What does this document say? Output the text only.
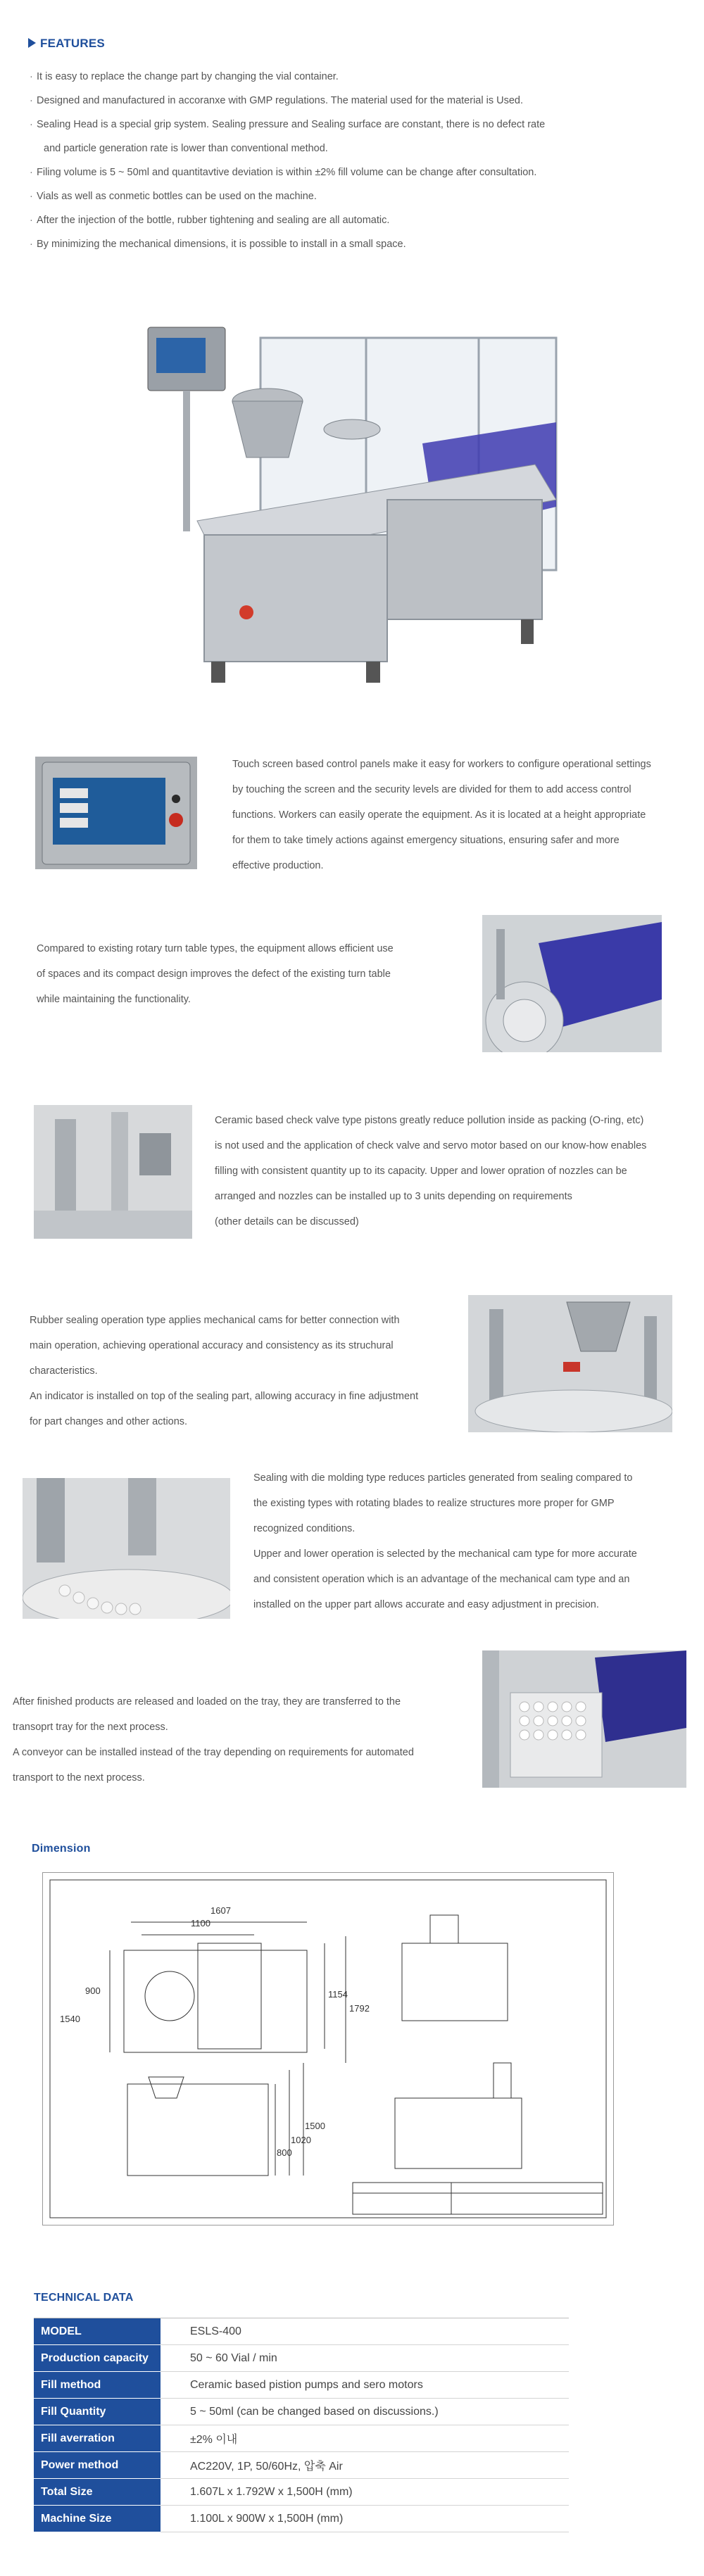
FEATURES
· It is easy to replace the change part by changing the vial container.
· Designed and manufactured in accoranxe with GMP regulations. The material used for the material is Used.
· Sealing Head is a special grip system. Sealing pressure and Sealing surface are constant, there is no defect rate
and particle generation rate is lower than conventional method.
· Filing volume is 5 ~ 50ml and quantitavtive deviation is within ±2% fill volume can be change after consultation.
· Vials as well as conmetic bottles can be used on the machine.
· After the injection of the bottle, rubber tightening and sealing are all automatic.
· By minimizing the mechanical dimensions, it is possible to install in a small space.
Touch screen based control panels make it easy for workers to configure operational settings
by touching the screen and the security levels are divided for them to add access control
functions. Workers can easily operate the equipment. As it is located at a height appropriate
for them to take timely actions against emergency situations, ensuring safer and more
effective production.
Compared to existing rotary turn table types, the equipment allows efficient use
of spaces and its compact design improves the defect of the existing turn table
while maintaining the functionality.
Ceramic based check valve type pistons greatly reduce pollution inside as packing (O-ring, etc)
is not used and the application of check valve and servo motor based on our know-how enables
filling with consistent quantity up to its capacity. Upper and lower opration of nozzles can be
arranged and nozzles can be installed up to 3 units depending on requirements
(other details can be discussed)
Rubber sealing operation type applies mechanical cams for better connection with
main operation, achieving operational accuracy and consistency as its struchural
characteristics.
An indicator is installed on top of the sealing part, allowing accuracy in fine adjustment
for part changes and other actions.
Sealing with die molding type reduces particles generated from sealing compared to
the existing types with rotating blades to realize structures more proper for GMP
recognized conditions.
Upper and lower operation is selected by the mechanical cam type for more accurate
and consistent operation which is an advantage of the mechanical cam type and an
installed on the upper part allows accurate and easy adjustment in precision.
After finished products are released and loaded on the tray, they are transferred to the
transoprt tray for the next process.
A conveyor can be installed instead of the tray depending on requirements for automated
transport to the next process.
Dimension
1607
1100
900
1540
1154
1792
800
1020
1500
TECHNICAL DATA
MODEL	ESLS-400
Production capacity	50 ~ 60 Vial / min
Fill method	Ceramic based pistion pumps and sero motors
Fill Quantity	5 ~ 50ml (can be changed based on discussions.)
Fill averration	±2% 이내
Power method	AC220V, 1P, 50/60Hz, 압축 Air
Total Size	1.607L x 1.792W x 1,500H (mm)
Machine Size	1.100L x 900W x 1,500H (mm)
